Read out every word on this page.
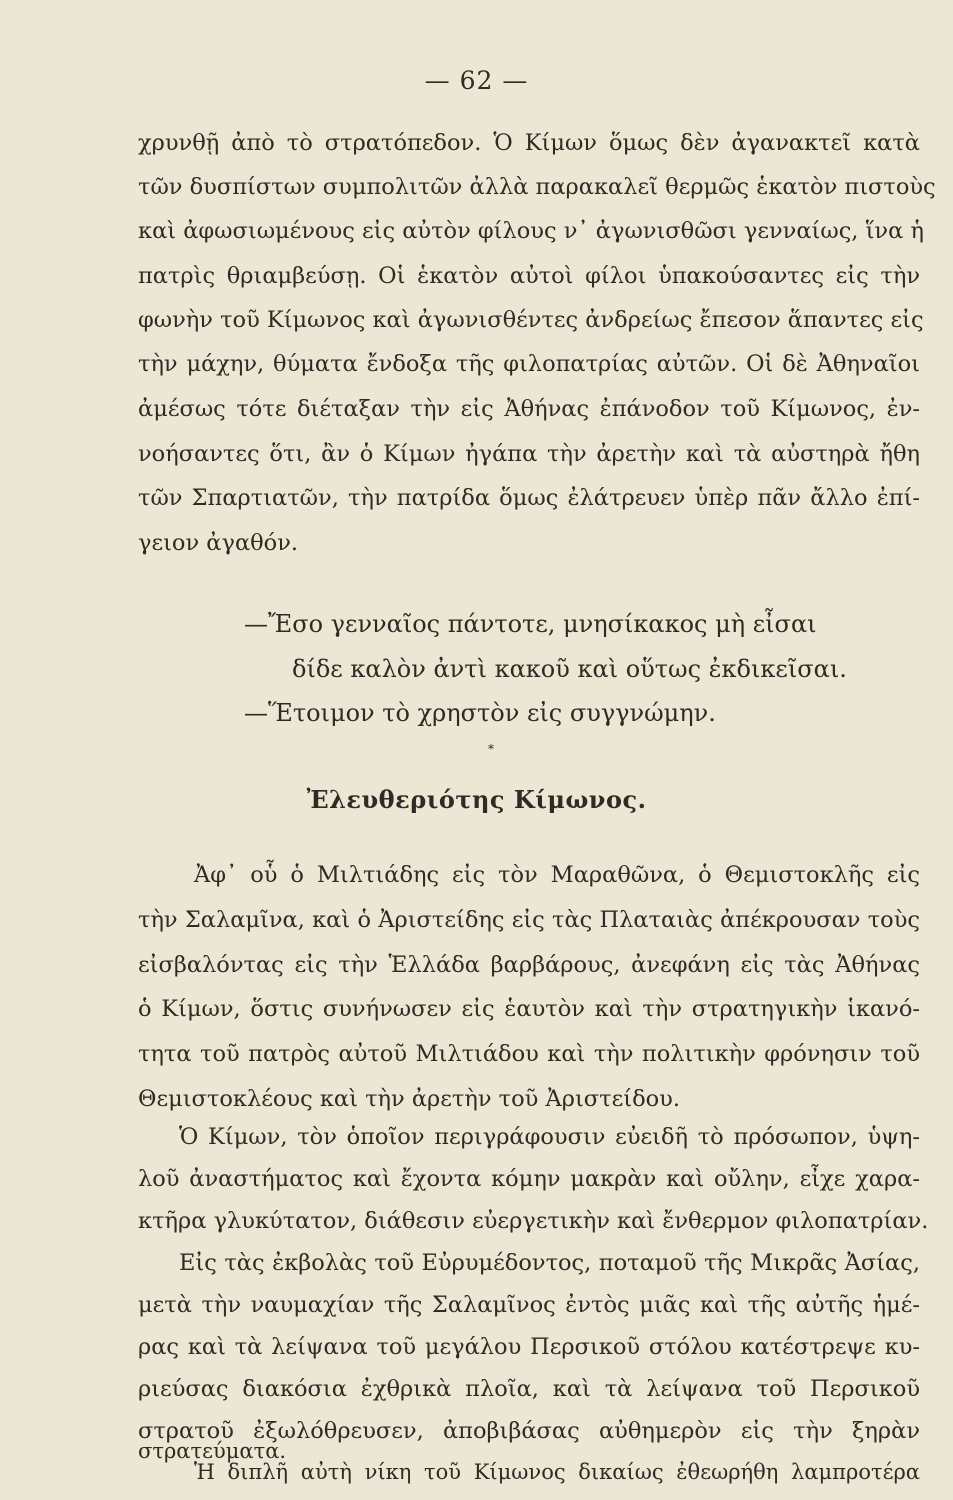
— 62 —
χρυνθῇ ἀπὸ τὸ στρατόπεδον. Ὁ Κίμων ὅμως δὲν ἀγανακτεῖ κατὰ
τῶν δυσπίστων συμπολιτῶν ἀλλὰ παρακαλεῖ θερμῶς ἑκατὸν πιστοὺς
καὶ ἀφωσιωμένους εἰς αὐτὸν φίλους ν᾽ ἀγωνισθῶσι γενναίως, ἵνα ἡ
πατρὶς θριαμβεύσῃ. Οἱ ἑκατὸν αὐτοὶ φίλοι ὑπακούσαντες εἰς τὴν
φωνὴν τοῦ Κίμωνος καὶ ἀγωνισθέντες ἀνδρείως ἔπεσον ἅπαντες εἰς
τὴν μάχην, θύματα ἔνδοξα τῆς φιλοπατρίας αὐτῶν. Οἱ δὲ Ἀθηναῖοι
ἀμέσως τότε διέταξαν τὴν εἰς Ἀθήνας ἐπάνοδον τοῦ Κίμωνος, ἐν-
νοήσαντες ὅτι, ἂν ὁ Κίμων ἠγάπα τὴν ἀρετὴν καὶ τὰ αὐστηρὰ ἤθη
τῶν Σπαρτιατῶν, τὴν πατρίδα ὅμως ἐλάτρευεν ὑπὲρ πᾶν ἄλλο ἐπί-
γειον ἀγαθόν.
—Ἔσο γενναῖος πάντοτε, μνησίκακος μὴ εἶσαι
δίδε καλὸν ἀντὶ κακοῦ καὶ οὕτως ἐκδικεῖσαι.
—Ἕτοιμον τὸ χρηστὸν εἰς συγγνώμην.
*
Ἐλευθεριότης Κίμωνος.
Ἀφ᾽ οὗ ὁ Μιλτιάδης εἰς τὸν Μαραθῶνα, ὁ Θεμιστοκλῆς εἰς
τὴν Σαλαμῖνα, καὶ ὁ Ἀριστείδης εἰς τὰς Πλαταιὰς ἀπέκρουσαν τοὺς
εἰσβαλόντας εἰς τὴν Ἑλλάδα βαρβάρους, ἀνεφάνη εἰς τὰς Ἀθήνας
ὁ Κίμων, ὅστις συνήνωσεν εἰς ἑαυτὸν καὶ τὴν στρατηγικὴν ἱκανό-
τητα τοῦ πατρὸς αὐτοῦ Μιλτιάδου καὶ τὴν πολιτικὴν φρόνησιν τοῦ
Θεμιστοκλέους καὶ τὴν ἀρετὴν τοῦ Ἀριστείδου.
Ὁ Κίμων, τὸν ὁποῖον περιγράφουσιν εὐειδῆ τὸ πρόσωπον, ὑψη-
λοῦ ἀναστήματος καὶ ἔχοντα κόμην μακρὰν καὶ οὔλην, εἶχε χαρα-
κτῆρα γλυκύτατον, διάθεσιν εὐεργετικὴν καὶ ἔνθερμον φιλοπατρίαν.
Εἰς τὰς ἐκβολὰς τοῦ Εὐρυμέδοντος, ποταμοῦ τῆς Μικρᾶς Ἀσίας,
μετὰ τὴν ναυμαχίαν τῆς Σαλαμῖνος ἐντὸς μιᾶς καὶ τῆς αὐτῆς ἡμέ-
ρας καὶ τὰ λείψανα τοῦ μεγάλου Περσικοῦ στόλου κατέστρεψε κυ-
ριεύσας διακόσια ἐχθρικὰ πλοῖα, καὶ τὰ λείψανα τοῦ Περσικοῦ
στρατοῦ ἐξωλόθρευσεν, ἀποβιβάσας αὐθημερὸν εἰς τὴν ξηρὰν
στρατεύματα.
Ἡ διπλῆ αὐτὴ νίκη τοῦ Κίμωνος δικαίως ἐθεωρήθη λαμπροτέρα
